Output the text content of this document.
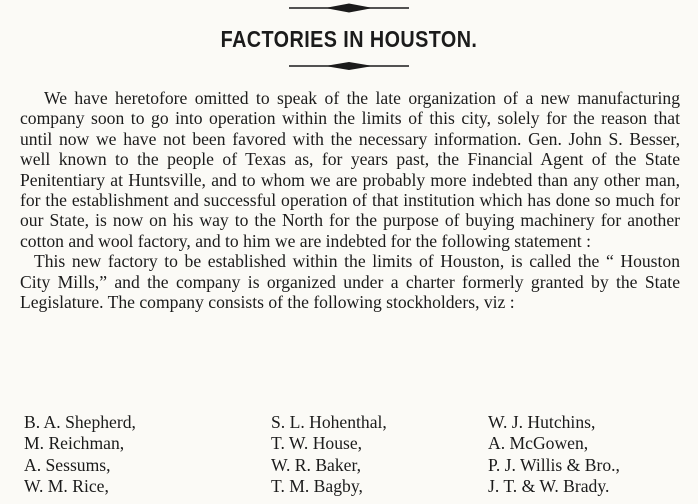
FACTORIES IN HOUSTON.

We have heretofore omitted to speak of the late organization of a new manufacturing company soon to go into operation within the limits of this city, solely for the reason that until now we have not been favored with the necessary information. Gen. John S. Besser, well known to the people of Texas as, for years past, the Financial Agent of the State Penitentiary at Huntsville, and to whom we are probably more indebted than any other man, for the establishment and successful operation of that institution which has done so much for our State, is now on his way to the North for the purpose of buying machinery for another cotton and wool factory, and to him we are indebted for the following statement :

This new factory to be established within the limits of Houston, is called the “ Houston City Mills,” and the company is organized under a charter formerly granted by the State Legislature. The company consists of the following stockholders, viz :

B. A. Shepherd,	S. L. Hohenthal,	W. J. Hutchins,
M. Reichman,	T. W. House,	A. McGowen,
A. Sessums,	W. R. Baker,	P. J. Willis & Bro.,
W. M. Rice,	T. M. Bagby,	J. T. & W. Brady.
